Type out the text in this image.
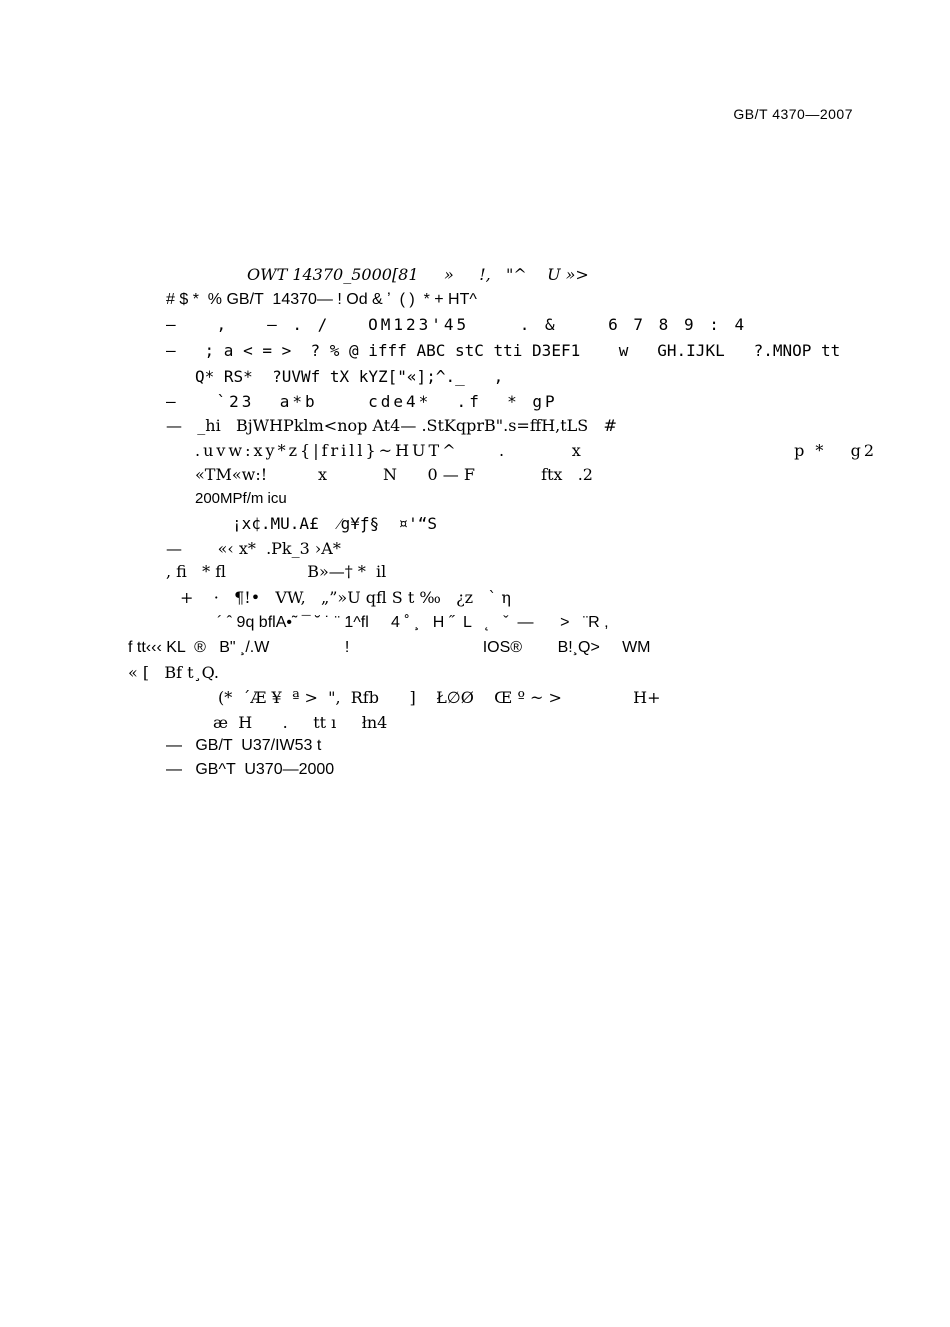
GB/T 4370—2007
OWT 14370_5000[81     »     !,   "^    U »>
# $ *  % GB/T  14370— ! Od & ʼ  ( )  * + HT^
—   ,   — . /   OM123'45    . &    6 7 8 9 : 4
—   ; a < = >  ? % @ ifff ABC stC tti D3EF1    w   GH.IJKL   ?.MNOP tt
Q* RS*  ?UVWf tX kYZ["«];^._   ,
—   `23  a*b    cde4*  .f  * gP
—   _hi   BjWHPklm<nop At4— .StKqprB".s=ffH,tLS   #
.uvw:xy*z{|frill}~HUT^     .        x                          p *   g2
«TM«w:!          x           N      0 — F             ftx   .2
200MPf/m icu
¡x¢.MU.A£  ⁄g¥ƒ§  ¤'“S
—       «‹ x*  .Pk_3 ›A*
, fi   * fl                B»—† *  il
+    ·   ¶!•   VW,   „”»U qfl S t ‰   ¿z   ` η
´ ˆ 9q bflA•˜ ¯ ˘ ˙ ¨ 1^fl     4 ˚ ¸   H ˝  L   ˛   ˇ  —      >   ¨R ,
f tt‹‹‹ KL  ®   B" ¸/.W                 !                              IOS®        B!¸Q>     WM
« [   Bf t¸Q.
(*  ´Æ ¥  ª >  ",  Rfb      ]    Ł∅Ø    Œ º ~ >              H+
æ  H      .     tt ı     łn4
—   GB/T  U37/IW53 t
—   GB^T  U370—2000
